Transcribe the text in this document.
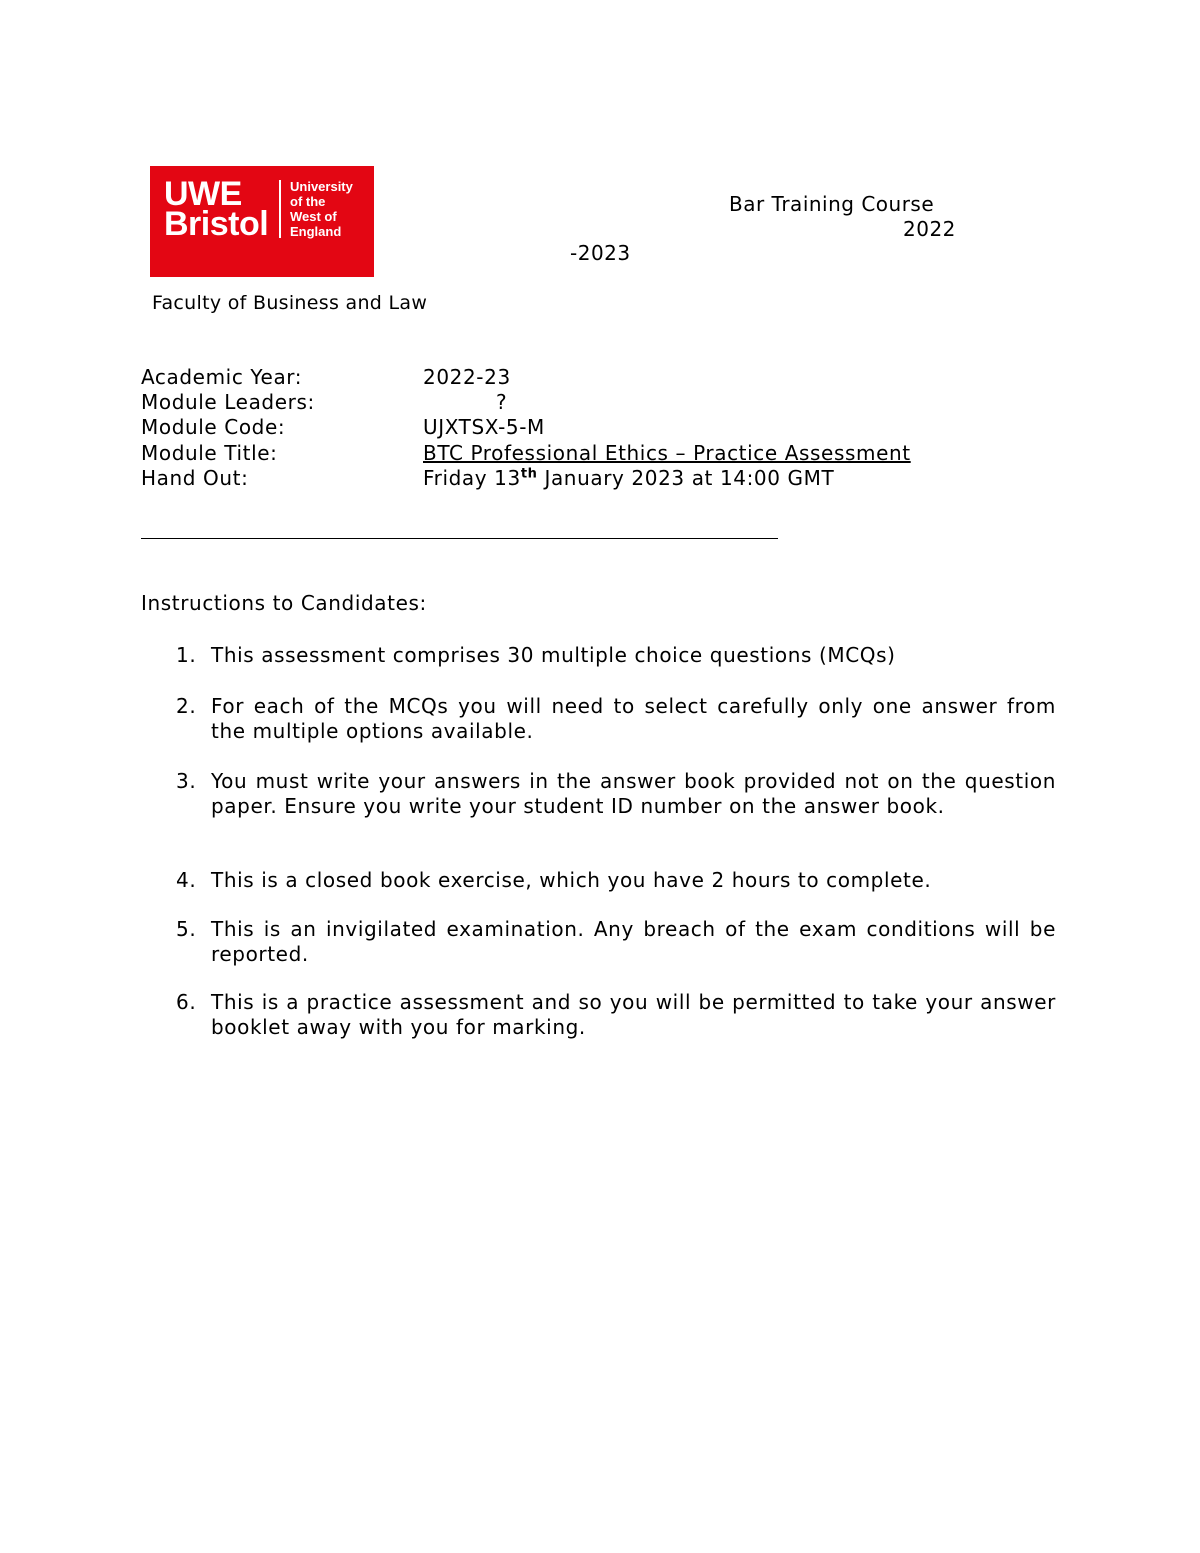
UWE
Bristol
University
of the
West of
England
Bar Training Course
2022
-2023
Faculty of Business and Law
Academic Year:	2022-23
Module Leaders:	?
Module Code:	UJXTSX-5-M
Module Title:	BTC Professional Ethics – Practice Assessment
Hand Out:	Friday 13th January 2023 at 14:00 GMT
Instructions to Candidates:
1. This assessment comprises 30 multiple choice questions (MCQs)
2. For each of the MCQs you will need to select carefully only one answer from the multiple options available.
3. You must write your answers in the answer book provided not on the question paper. Ensure you write your student ID number on the answer book.
4. This is a closed book exercise, which you have 2 hours to complete.
5. This is an invigilated examination. Any breach of the exam conditions will be reported.
6. This is a practice assessment and so you will be permitted to take your answer booklet away with you for marking.
